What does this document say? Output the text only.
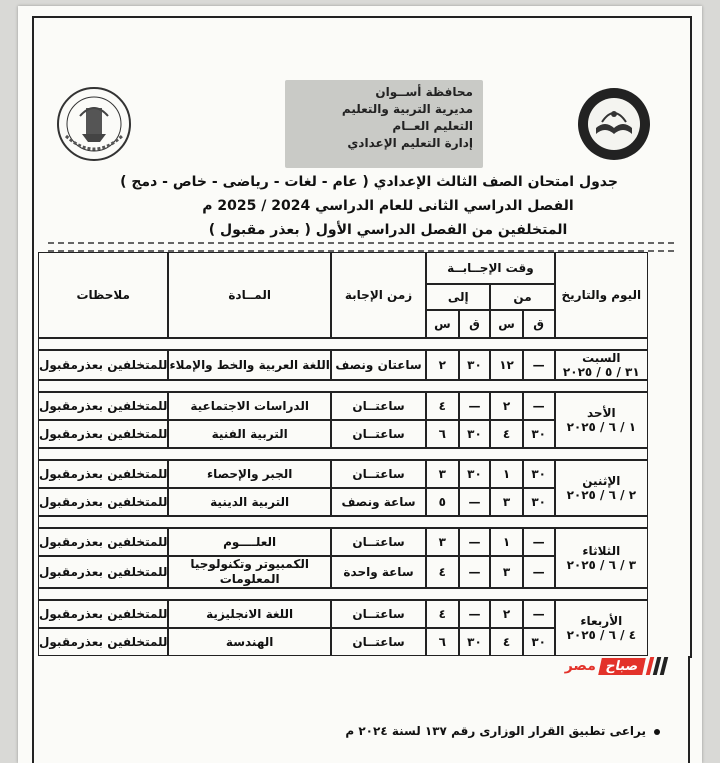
محافظة أســوان
مديرية التربية والتعليم
التعليم العــام
إدارة التعليم الإعدادي
جدول امتحان الصف الثالث الإعدادي ( عام - لغات - رياضى - خاص - دمج )
الفصل الدراسي الثانى للعام الدراسي 2024 / 2025 م
المتخلفين من الفصل الدراسي الأول ( بعذر مقبول )
اليوم والتاريخ	وقت الإجــابــة				زمن الإجابة	المــادة	ملاحظات
	من		إلى				
	ق	س	ق	س			

السبت
٣١ / ٥ / ٢٠٢٥	—	١٢	٣٠	٢	ساعتان ونصف	اللغة العربية والخط والإملاء	للمتخلفين بعذرمقبول

الأحد
١ / ٦ / ٢٠٢٥	—	٢	—	٤	ساعتــان	الدراسات الاجتماعية	للمتخلفين بعذرمقبول
	٣٠	٤	٣٠	٦	ساعتــان	التربية الفنية	للمتخلفين بعذرمقبول

الإثنين
٢ / ٦ / ٢٠٢٥	٣٠	١	٣٠	٣	ساعتــان	الجبر والإحصاء	للمتخلفين بعذرمقبول
	٣٠	٣	—	٥	ساعة ونصف	التربية الدينية	للمتخلفين بعذرمقبول

الثلاثاء
٣ / ٦ / ٢٠٢٥	—	١	—	٣	ساعتــان	العلــــوم	للمتخلفين بعذرمقبول
	—	٣	—	٤	ساعة واحدة	الكمبيوتر وتكنولوجيا المعلومات	للمتخلفين بعذرمقبول

الأربعاء
٤ / ٦ / ٢٠٢٥	—	٢	—	٤	ساعتــان	اللغة الانجليزية	للمتخلفين بعذرمقبول
	٣٠	٤	٣٠	٦	ساعتــان	الهندسة	للمتخلفين بعذرمقبول
مصر صباح
يراعى تطبيق القرار الوزارى رقم ١٣٧ لسنة ٢٠٢٤ م
